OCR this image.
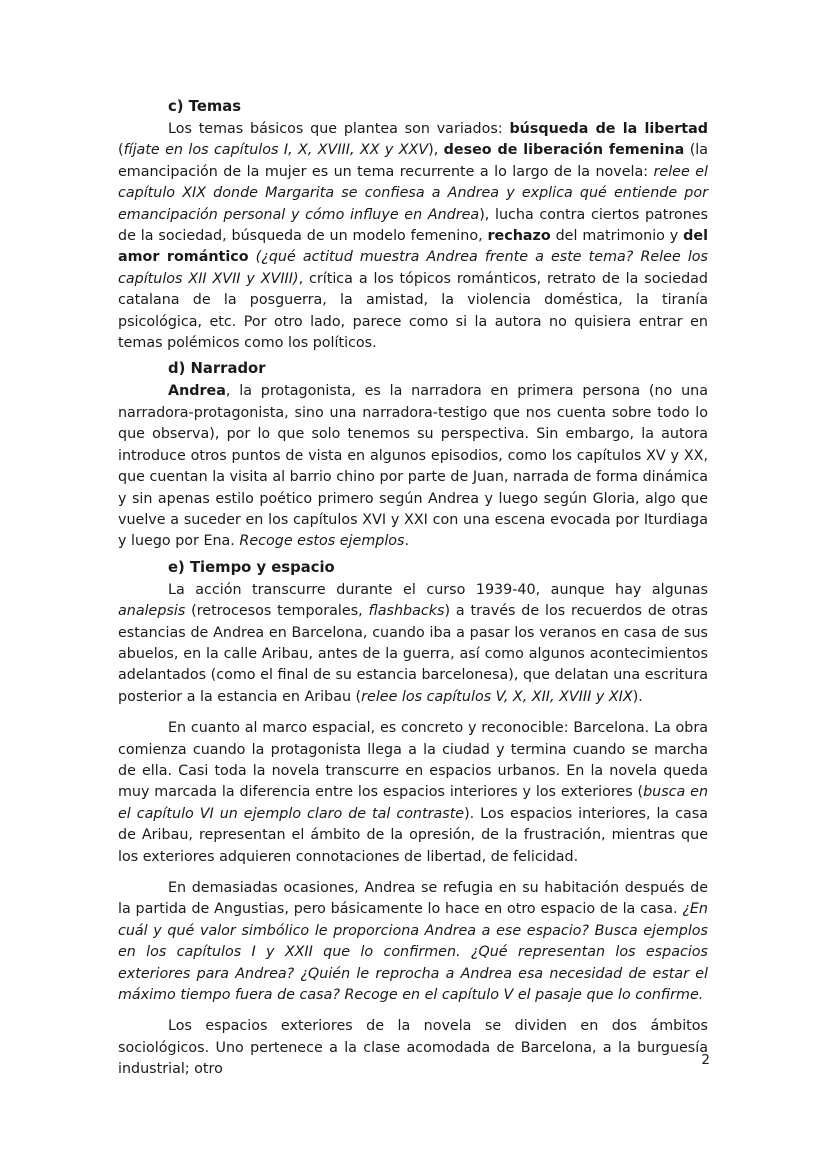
c) Temas

Los temas básicos que plantea son variados: búsqueda de la libertad (fíjate en los capítulos I, X, XVIII, XX y XXV), deseo de liberación femenina (la emancipación de la mujer es un tema recurrente a lo largo de la novela: relee el capítulo XIX donde Margarita se confiesa a Andrea y explica qué entiende por emancipación personal y cómo influye en Andrea), lucha contra ciertos patrones de la sociedad, búsqueda de un modelo femenino, rechazo del matrimonio y del amor romántico (¿qué actitud muestra Andrea frente a este tema? Relee los capítulos XII XVII y XVIII), crítica a los tópicos románticos, retrato de la sociedad catalana de la posguerra, la amistad, la violencia doméstica, la tiranía psicológica, etc. Por otro lado, parece como si la autora no quisiera entrar en temas polémicos como los políticos.

d) Narrador

Andrea, la protagonista, es la narradora en primera persona (no una narradora-protagonista, sino una narradora-testigo que nos cuenta sobre todo lo que observa), por lo que solo tenemos su perspectiva. Sin embargo, la autora introduce otros puntos de vista en algunos episodios, como los capítulos XV y XX, que cuentan la visita al barrio chino por parte de Juan, narrada de forma dinámica y sin apenas estilo poético primero según Andrea y luego según Gloria, algo que vuelve a suceder en los capítulos XVI y XXI con una escena evocada por Iturdiaga y luego por Ena. Recoge estos ejemplos.

e) Tiempo y espacio

La acción transcurre durante el curso 1939-40, aunque hay algunas analepsis (retrocesos temporales, flashbacks) a través de los recuerdos de otras estancias de Andrea en Barcelona, cuando iba a pasar los veranos en casa de sus abuelos, en la calle Aribau, antes de la guerra, así como algunos acontecimientos adelantados (como el final de su estancia barcelonesa), que delatan una escritura posterior a la estancia en Aribau (relee los capítulos V, X, XII, XVIII y XIX).

En cuanto al marco espacial, es concreto y reconocible: Barcelona. La obra comienza cuando la protagonista llega a la ciudad y termina cuando se marcha de ella. Casi toda la novela transcurre en espacios urbanos. En la novela queda muy marcada la diferencia entre los espacios interiores y los exteriores (busca en el capítulo VI un ejemplo claro de tal contraste). Los espacios interiores, la casa de Aribau, representan el ámbito de la opresión, de la frustración, mientras que los exteriores adquieren connotaciones de libertad, de felicidad.

En demasiadas ocasiones, Andrea se refugia en su habitación después de la partida de Angustias, pero básicamente lo hace en otro espacio de la casa. ¿En cuál y qué valor simbólico le proporciona Andrea a ese espacio? Busca ejemplos en los capítulos I y XXII que lo confirmen. ¿Qué representan los espacios exteriores para Andrea? ¿Quién le reprocha a Andrea esa necesidad de estar el máximo tiempo fuera de casa? Recoge en el capítulo V el pasaje que lo confirme.

Los espacios exteriores de la novela se dividen en dos ámbitos sociológicos. Uno pertenece a la clase acomodada de Barcelona, a la burguesía industrial; otro

2
